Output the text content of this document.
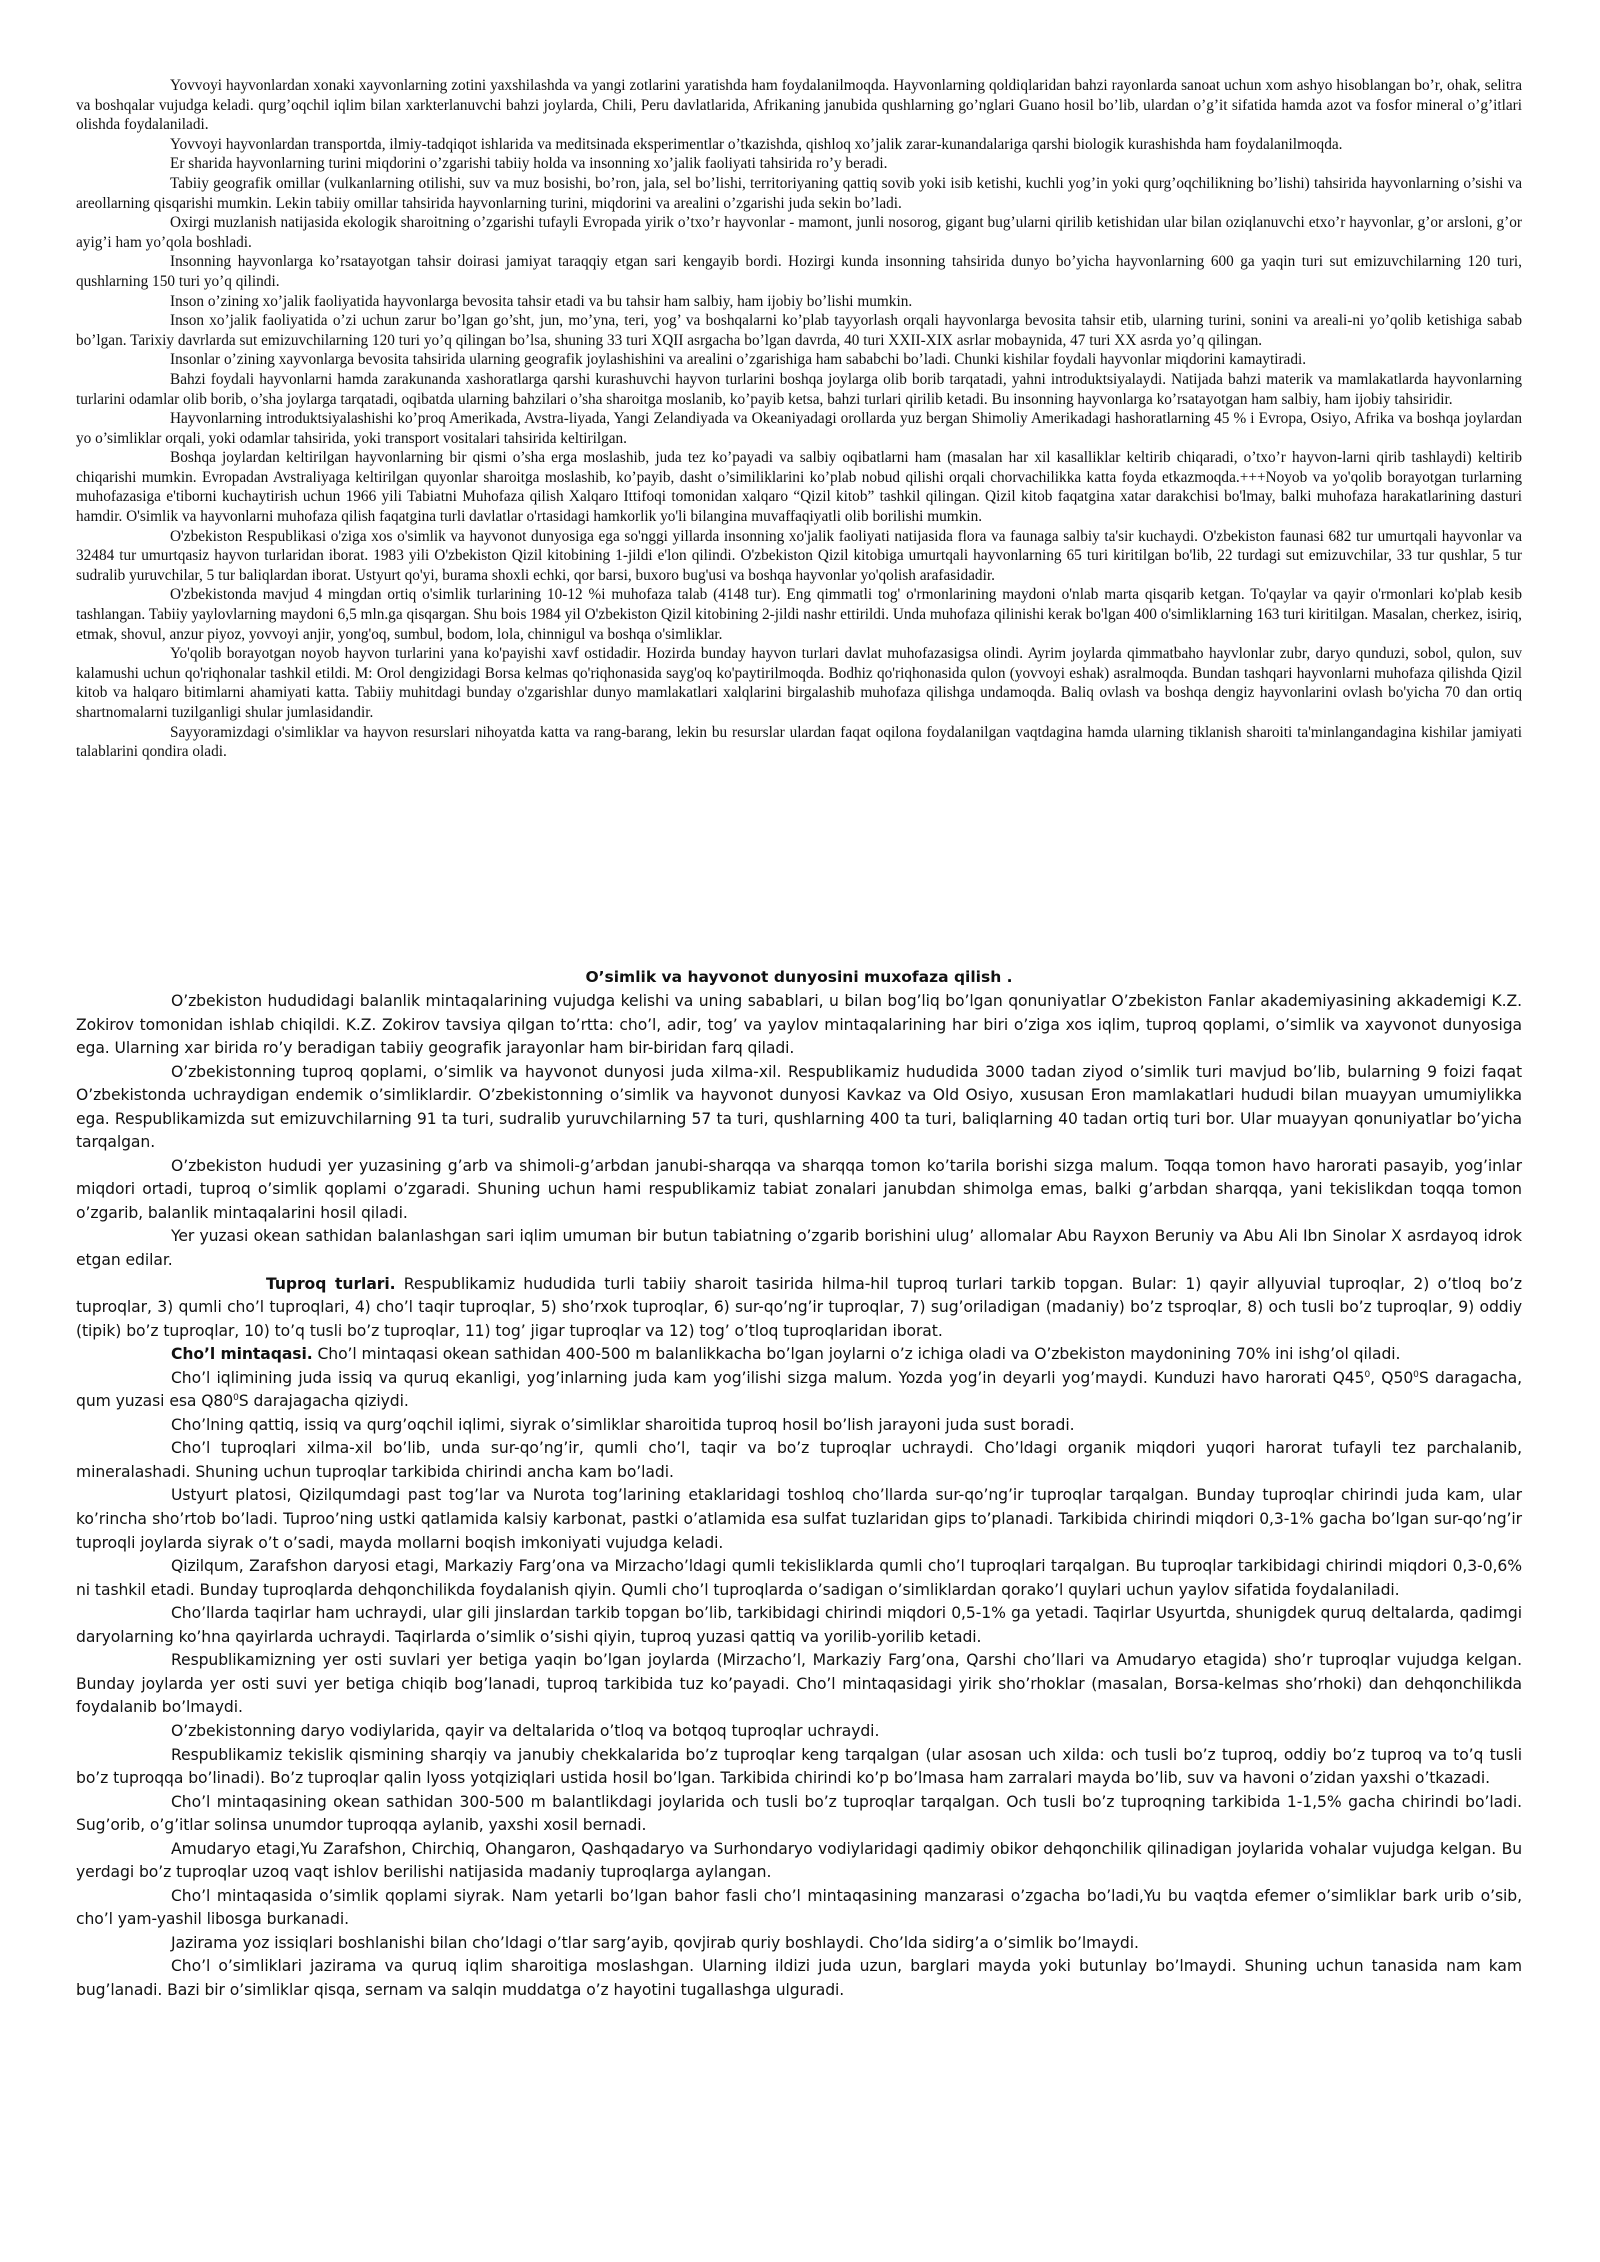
Yovvoyi hayvonlardan xonaki xayvonlarning zotini yaxshilashda va yangi zotlarini yaratishda ham foydalanilmoqda. Hayvonlarning qoldiqlaridan bahzi rayonlarda sanoat uchun xom ashyo hisoblangan bo’r, ohak, selitra va boshqalar vujudga keladi. qurg’oqchil iqlim bilan xarkterlanuvchi bahzi joylarda, Chili, Peru davlatlarida, Afrikaning janubida qushlarning go’nglari Guano hosil bo’lib, ulardan o’g’it sifatida hamda azot va fosfor mineral o’g’itlari olishda foydalaniladi.

Yovvoyi hayvonlardan transportda, ilmiy-tadqiqot ishlarida va meditsinada eksperimentlar o’tkazishda, qishloq xo’jalik zarar-kunandalariga qarshi biologik kurashishda ham foydalanilmoqda.

Er sharida hayvonlarning turini miqdorini o’zgarishi tabiiy holda va insonning xo’jalik faoliyati tahsirida ro’y beradi.

Tabiiy geografik omillar (vulkanlarning otilishi, suv va muz bosishi, bo’ron, jala, sel bo’lishi, territoriyaning qattiq sovib yoki isib ketishi, kuchli yog’in yoki qurg’oqchilikning bo’lishi) tahsirida hayvonlarning o’sishi va areollarning qisqarishi mumkin. Lekin tabiiy omillar tahsirida hayvonlarning turini, miqdorini va arealini o’zgarishi juda sekin bo’ladi.

Oxirgi muzlanish natijasida ekologik sharoitning o’zgarishi tufayli Evropada yirik o’txo’r hayvonlar - mamont, junli nosorog, gigant bug’ularni qirilib ketishidan ular bilan oziqlanuvchi etxo’r hayvonlar, g’or arsloni, g’or ayig’i ham yo’qola boshladi.

Insonning hayvonlarga ko’rsatayotgan tahsir doirasi jamiyat taraqqiy etgan sari kengayib bordi. Hozirgi kunda insonning tahsirida dunyo bo’yicha hayvonlarning 600 ga yaqin turi sut emizuvchilarning 120 turi, qushlarning 150 turi yo’q qilindi.

Inson o’zining xo’jalik faoliyatida hayvonlarga bevosita tahsir etadi va bu tahsir ham salbiy, ham ijobiy bo’lishi mumkin.

Inson xo’jalik faoliyatida o’zi uchun zarur bo’lgan go’sht, jun, mo’yna, teri, yog’ va boshqalarni ko’plab tayyorlash orqali hayvonlarga bevosita tahsir etib, ularning turini, sonini va areali-ni yo’qolib ketishiga sabab bo’lgan. Tarixiy davrlarda sut emizuvchilarning 120 turi yo’q qilingan bo’lsa, shuning 33 turi XQII asrgacha bo’lgan davrda, 40 turi XXII-XIX asrlar mobaynida, 47 turi XX asrda yo’q qilingan.

Insonlar o’zining xayvonlarga bevosita tahsirida ularning geografik joylashishini va arealini o’zgarishiga ham sababchi bo’ladi. Chunki kishilar foydali hayvonlar miqdorini kamaytiradi.

Bahzi foydali hayvonlarni hamda zarakunanda xashoratlarga qarshi kurashuvchi hayvon turlarini boshqa joylarga olib borib tarqatadi, yahni introduktsiyalaydi. Natijada bahzi materik va mamlakatlarda hayvonlarning turlarini odamlar olib borib, o’sha joylarga tarqatadi, oqibatda ularning bahzilari o’sha sharoitga moslanib, ko’payib ketsa, bahzi turlari qirilib ketadi. Bu insonning hayvonlarga ko’rsatayotgan ham salbiy, ham ijobiy tahsiridir.

Hayvonlarning introduktsiyalashishi ko’proq Amerikada, Avstra-liyada, Yangi Zelandiyada va Okeaniyadagi orollarda yuz bergan Shimoliy Amerikadagi hashoratlarning 45 % i Evropa, Osiyo, Afrika va boshqa joylardan yo o’simliklar orqali, yoki odamlar tahsirida, yoki transport vositalari tahsirida keltirilgan.

Boshqa joylardan keltirilgan hayvonlarning bir qismi o’sha erga moslashib, juda tez ko’payadi va salbiy oqibatlarni ham (masalan har xil kasalliklar keltirib chiqaradi, o’txo’r hayvon-larni qirib tashlaydi) keltirib chiqarishi mumkin. Evropadan Avstraliyaga keltirilgan quyonlar sharoitga moslashib, ko’payib, dasht o’similiklarini ko’plab nobud qilishi orqali chorvachilikka katta foyda etkazmoqda.+++Noyob va yo'qolib borayotgan turlarning muhofazasiga e'tiborni kuchaytirish uchun 1966 yili Tabiatni Muhofaza qilish Xalqaro Ittifoqi tomonidan xalqaro “Qizil kitob” tashkil qilingan. Qizil kitob faqatgina xatar darakchisi bo'lmay, balki muhofaza harakatlarining dasturi hamdir. O'simlik va hayvonlarni muhofaza qilish faqatgina turli davlatlar o'rtasidagi hamkorlik yo'li bilangina muvaffaqiyatli olib borilishi mumkin.

O'zbekiston Respublikasi o'ziga xos o'simlik va hayvonot dunyosiga ega so'nggi yillarda insonning xo'jalik faoliyati natijasida flora va faunaga salbiy ta'sir kuchaydi. O'zbekiston faunasi 682 tur umurtqali hayvonlar va 32484 tur umurtqasiz hayvon turlaridan iborat. 1983 yili O'zbekiston Qizil kitobining 1-jildi e'lon qilindi. O'zbekiston Qizil kitobiga umurtqali hayvonlarning 65 turi kiritilgan bo'lib, 22 turdagi sut emizuvchilar, 33 tur qushlar, 5 tur sudralib yuruvchilar, 5 tur baliqlardan iborat. Ustyurt qo'yi, burama shoxli echki, qor barsi, buxoro bug'usi va boshqa hayvonlar yo'qolish arafasidadir.

O'zbekistonda mavjud 4 mingdan ortiq o'simlik turlarining 10-12 %i muhofaza talab (4148 tur). Eng qimmatli tog' o'rmonlarining maydoni o'nlab marta qisqarib ketgan. To'qaylar va qayir o'rmonlari ko'plab kesib tashlangan. Tabiiy yaylovlarning maydoni 6,5 mln.ga qisqargan. Shu bois 1984 yil O'zbekiston Qizil kitobining 2-jildi nashr ettirildi. Unda muhofaza qilinishi kerak bo'lgan 400 o'simliklarning 163 turi kiritilgan. Masalan, cherkez, isiriq, etmak, shovul, anzur piyoz, yovvoyi anjir, yong'oq, sumbul, bodom, lola, chinnigul va boshqa o'simliklar.

Yo'qolib borayotgan noyob hayvon turlarini yana ko'payishi xavf ostidadir. Hozirda bunday hayvon turlari davlat muhofazasigsa olindi. Ayrim joylarda qimmatbaho hayvlonlar zubr, daryo qunduzi, sobol, qulon, suv kalamushi uchun qo'riqhonalar tashkil etildi. M: Orol dengizidagi Borsa kelmas qo'riqhonasida sayg'oq ko'paytirilmoqda. Bodhiz qo'riqhonasida qulon (yovvoyi eshak) asralmoqda. Bundan tashqari hayvonlarni muhofaza qilishda Qizil kitob va halqaro bitimlarni ahamiyati katta. Tabiiy muhitdagi bunday o'zgarishlar dunyo mamlakatlari xalqlarini birgalashib muhofaza qilishga undamoqda. Baliq ovlash va boshqa dengiz hayvonlarini ovlash bo'yicha 70 dan ortiq shartnomalarni tuzilganligi shular jumlasidandir.

Sayyoramizdagi o'simliklar va hayvon resurslari nihoyatda katta va rang-barang, lekin bu resurslar ulardan faqat oqilona foydalanilgan vaqtdagina hamda ularning tiklanish sharoiti ta'minlangandagina kishilar jamiyati talablarini qondira oladi.

O’simlik va hayvonot dunyosini muxofaza qilish .

O’zbekiston hududidagi balanlik mintaqalarining vujudga kelishi va uning sabablari, u bilan bog’liq bo’lgan qonuniyatlar O’zbekiston Fanlar akademiyasining akkademigi K.Z. Zokirov tomonidan ishlab chiqildi. K.Z. Zokirov tavsiya qilgan to’rtta: cho’l, adir, tog’ va yaylov mintaqalarining har biri o’ziga xos iqlim, tuproq qoplami, o’simlik va xayvonot dunyosiga ega. Ularning xar birida ro’y beradigan tabiiy geografik jarayonlar ham bir-biridan farq qiladi.

O’zbekistonning tuproq qoplami, o’simlik va hayvonot dunyosi juda xilma-xil. Respublikamiz hududida 3000 tadan ziyod o’simlik turi mavjud bo’lib, bularning 9 foizi faqat O’zbekistonda uchraydigan endemik o’simliklardir. O’zbekistonning o’simlik va hayvonot dunyosi Kavkaz va Old Osiyo, xususan Eron mamlakatlari hududi bilan muayyan umumiylikka ega. Respublikamizda sut emizuvchilarning 91 ta turi, sudralib yuruvchilarning 57 ta turi, qushlarning 400 ta turi, baliqlarning 40 tadan ortiq turi bor. Ular muayyan qonuniyatlar bo’yicha tarqalgan.

O’zbekiston hududi yer yuzasining g’arb va shimoli-g’arbdan janubi-sharqqa va sharqqa tomon ko’tarila borishi sizga malum. Toqqa tomon havo harorati pasayib, yog’inlar miqdori ortadi, tuproq o’simlik qoplami o’zgaradi. Shuning uchun hami respublikamiz tabiat zonalari janubdan shimolga emas, balki g’arbdan sharqqa, yani tekislikdan toqqa tomon o’zgarib, balanlik mintaqalarini hosil qiladi.

Yer yuzasi okean sathidan balanlashgan sari iqlim umuman bir butun tabiatning o’zgarib borishini ulug’ allomalar Abu Rayxon Beruniy va Abu Ali Ibn Sinolar X asrdayoq idrok etgan edilar.

Tuproq turlari. Respublikamiz hududida turli tabiiy sharoit tasirida hilma-hil tuproq turlari tarkib topgan. Bular: 1) qayir allyuvial tuproqlar, 2) o’tloq bo’z tuproqlar, 3) qumli cho’l tuproqlari, 4) cho’l taqir tuproqlar, 5) sho’rxok tuproqlar, 6) sur-qo’ng’ir tuproqlar, 7) sug’oriladigan (madaniy) bo’z tsproqlar, 8) och tusli bo’z tuproqlar, 9) oddiy (tipik) bo’z tuproqlar, 10) to’q tusli bo’z tuproqlar, 11) tog’ jigar tuproqlar va 12) tog’ o’tloq tuproqlaridan iborat.

Cho’l mintaqasi. Cho’l mintaqasi okean sathidan 400-500 m balanlikkacha bo’lgan joylarni o’z ichiga oladi va O’zbekiston maydonining 70% ini ishg’ol qiladi.

Cho’l iqlimining juda issiq va quruq ekanligi, yog’inlarning juda kam yog’ilishi sizga malum. Yozda yog’in deyarli yog’maydi. Kunduzi havo harorati $Q45^0$, $Q50^0S$ daragacha, qum yuzasi esa $Q80^0S$ darajagacha qiziydi.

Cho’lning qattiq, issiq va qurg’oqchil iqlimi, siyrak o’simliklar sharoitida tuproq hosil bo’lish jarayoni juda sust boradi.

Cho’l tuproqlari xilma-xil bo’lib, unda sur-qo’ng’ir, qumli cho’l, taqir va bo’z tuproqlar uchraydi. Cho’ldagi organik miqdori yuqori harorat tufayli tez parchalanib, mineralashadi. Shuning uchun tuproqlar tarkibida chirindi ancha kam bo’ladi.

Ustyurt platosi, Qizilqumdagi past tog’lar va Nurota tog’larining etaklaridagi toshloq cho’llarda sur-qo’ng’ir tuproqlar tarqalgan. Bunday tuproqlar chirindi juda kam, ular ko’rincha sho’rtob bo’ladi. Tuproo’ning ustki qatlamida kalsiy karbonat, pastki o’atlamida esa sulfat tuzlaridan gips to’planadi. Tarkibida chirindi miqdori 0,3-1% gacha bo’lgan sur-qo’ng’ir tuproqli joylarda siyrak o’t o’sadi, mayda mollarni boqish imkoniyati vujudga keladi.

Qizilqum, Zarafshon daryosi etagi, Markaziy Farg’ona va Mirzacho’ldagi qumli tekisliklarda qumli cho’l tuproqlari tarqalgan. Bu tuproqlar tarkibidagi chirindi miqdori 0,3-0,6% ni tashkil etadi. Bunday tuproqlarda dehqonchilikda foydalanish qiyin. Qumli cho’l tuproqlarda o’sadigan o’simliklardan qorako’l quylari uchun yaylov sifatida foydalaniladi.

Cho’llarda taqirlar ham uchraydi, ular gili jinslardan tarkib topgan bo’lib, tarkibidagi chirindi miqdori 0,5-1% ga yetadi. Taqirlar Usyurtda, shunigdek quruq deltalarda, qadimgi daryolarning ko’hna qayirlarda uchraydi. Taqirlarda o’simlik o’sishi qiyin, tuproq yuzasi qattiq va yorilib-yorilib ketadi.

Respublikamizning yer osti suvlari yer betiga yaqin bo’lgan joylarda (Mirzacho’l, Markaziy Farg’ona, Qarshi cho’llari va Amudaryo etagida) sho’r tuproqlar vujudga kelgan. Bunday joylarda yer osti suvi yer betiga chiqib bog’lanadi, tuproq tarkibida tuz ko’payadi. Cho’l mintaqasidagi yirik sho’rhoklar (masalan, Borsa-kelmas sho’rhoki) dan dehqonchilikda foydalanib bo’lmaydi.

O’zbekistonning daryo vodiylarida, qayir va deltalarida o’tloq va botqoq tuproqlar uchraydi.

Respublikamiz tekislik qismining sharqiy va janubiy chekkalarida bo’z tuproqlar keng tarqalgan (ular asosan uch xilda: och tusli bo’z tuproq, oddiy bo’z tuproq va to’q tusli bo’z tuproqqa bo’linadi). Bo’z tuproqlar qalin lyoss yotqiziqlari ustida hosil bo’lgan. Tarkibida chirindi ko’p bo’lmasa ham zarralari mayda bo’lib, suv va havoni o’zidan yaxshi o’tkazadi.

Cho’l mintaqasining okean sathidan 300-500 m balantlikdagi joylarida och tusli bo’z tuproqlar tarqalgan. Och tusli bo’z tuproqning tarkibida 1-1,5% gacha chirindi bo’ladi. Sug’orib, o’g’itlar solinsa unumdor tuproqqa aylanib, yaxshi xosil bernadi.

Amudaryo etagi,Yu Zarafshon, Chirchiq, Ohangaron, Qashqadaryo va Surhondaryo vodiylaridagi qadimiy obikor dehqonchilik qilinadigan joylarida vohalar vujudga kelgan. Bu yerdagi bo’z tuproqlar uzoq vaqt ishlov berilishi natijasida madaniy tuproqlarga aylangan.

Cho’l mintaqasida o’simlik qoplami siyrak. Nam yetarli bo’lgan bahor fasli cho’l mintaqasining manzarasi o’zgacha bo’ladi,Yu bu vaqtda efemer o’simliklar bark urib o’sib, cho’l yam-yashil libosga burkanadi.

Jazirama yoz issiqlari boshlanishi bilan cho’ldagi o’tlar sarg’ayib, qovjirab quriy boshlaydi. Cho’lda sidirg’a o’simlik bo’lmaydi.

Cho’l o’simliklari jazirama va quruq iqlim sharoitiga moslashgan. Ularning ildizi juda uzun, barglari mayda yoki butunlay bo’lmaydi. Shuning uchun tanasida nam kam bug’lanadi. Bazi bir o’simliklar qisqa, sernam va salqin muddatga o’z hayotini tugallashga ulguradi.
